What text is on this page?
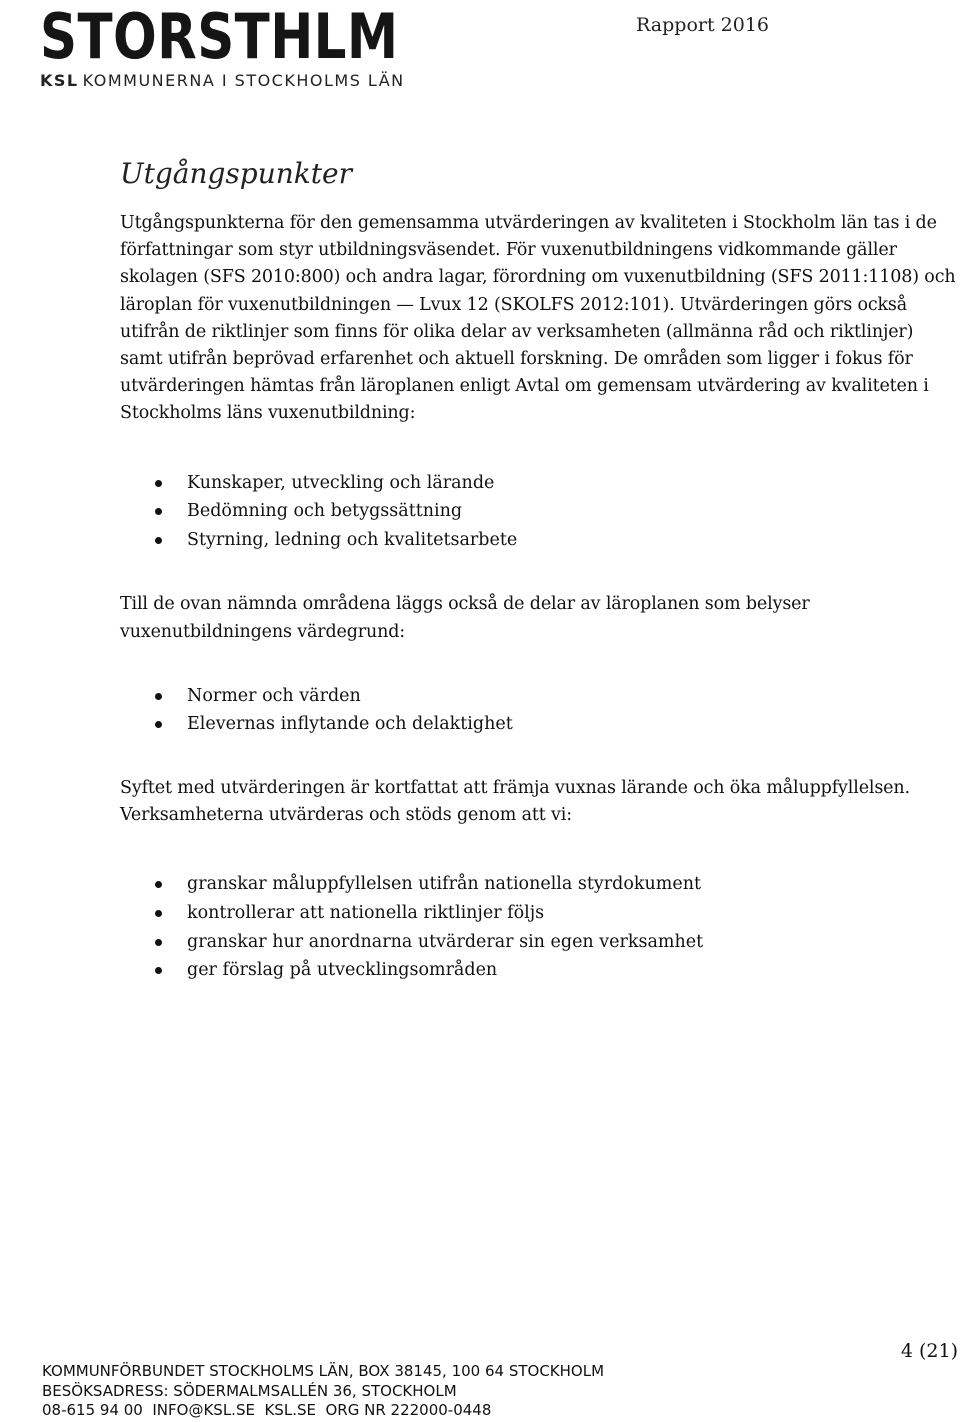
STORSTHLM
KSL KOMMUNERNA I STOCKHOLMS LÄN
Rapport 2016
Utgångspunkter

Utgångspunkterna för den gemensamma utvärderingen av kvaliteten i Stockholm län tas i de författningar som styr utbildningsväsendet. För vuxenutbildningens vidkommande gäller skolagen (SFS 2010:800) och andra lagar, förordning om vuxenutbildning (SFS 2011:1108) och läroplan för vuxenutbildningen — Lvux 12 (SKOLFS 2012:101). Utvärderingen görs också utifrån de riktlinjer som finns för olika delar av verksamheten (allmänna råd och riktlinjer) samt utifrån beprövad erfarenhet och aktuell forskning. De områden som ligger i fokus för utvärderingen hämtas från läroplanen enligt Avtal om gemensam utvärdering av kvaliteten i Stockholms läns vuxenutbildning:

Kunskaper, utveckling och lärande
Bedömning och betygssättning
Styrning, ledning och kvalitetsarbete

Till de ovan nämnda områdena läggs också de delar av läroplanen som belyser vuxenutbildningens värdegrund:

Normer och värden
Elevernas inflytande och delaktighet

Syftet med utvärderingen är kortfattat att främja vuxnas lärande och öka måluppfyllelsen. Verksamheterna utvärderas och stöds genom att vi:

granskar måluppfyllelsen utifrån nationella styrdokument
kontrollerar att nationella riktlinjer följs
granskar hur anordnarna utvärderar sin egen verksamhet
ger förslag på utvecklingsområden
4 (21)
KOMMUNFÖRBUNDET STOCKHOLMS LÄN, BOX 38145, 100 64 STOCKHOLM
BESÖKSADRESS: SÖDERMALMSALLÉN 36, STOCKHOLM
08-615 94 00  INFO@KSL.SE  KSL.SE  ORG NR 222000-0448
